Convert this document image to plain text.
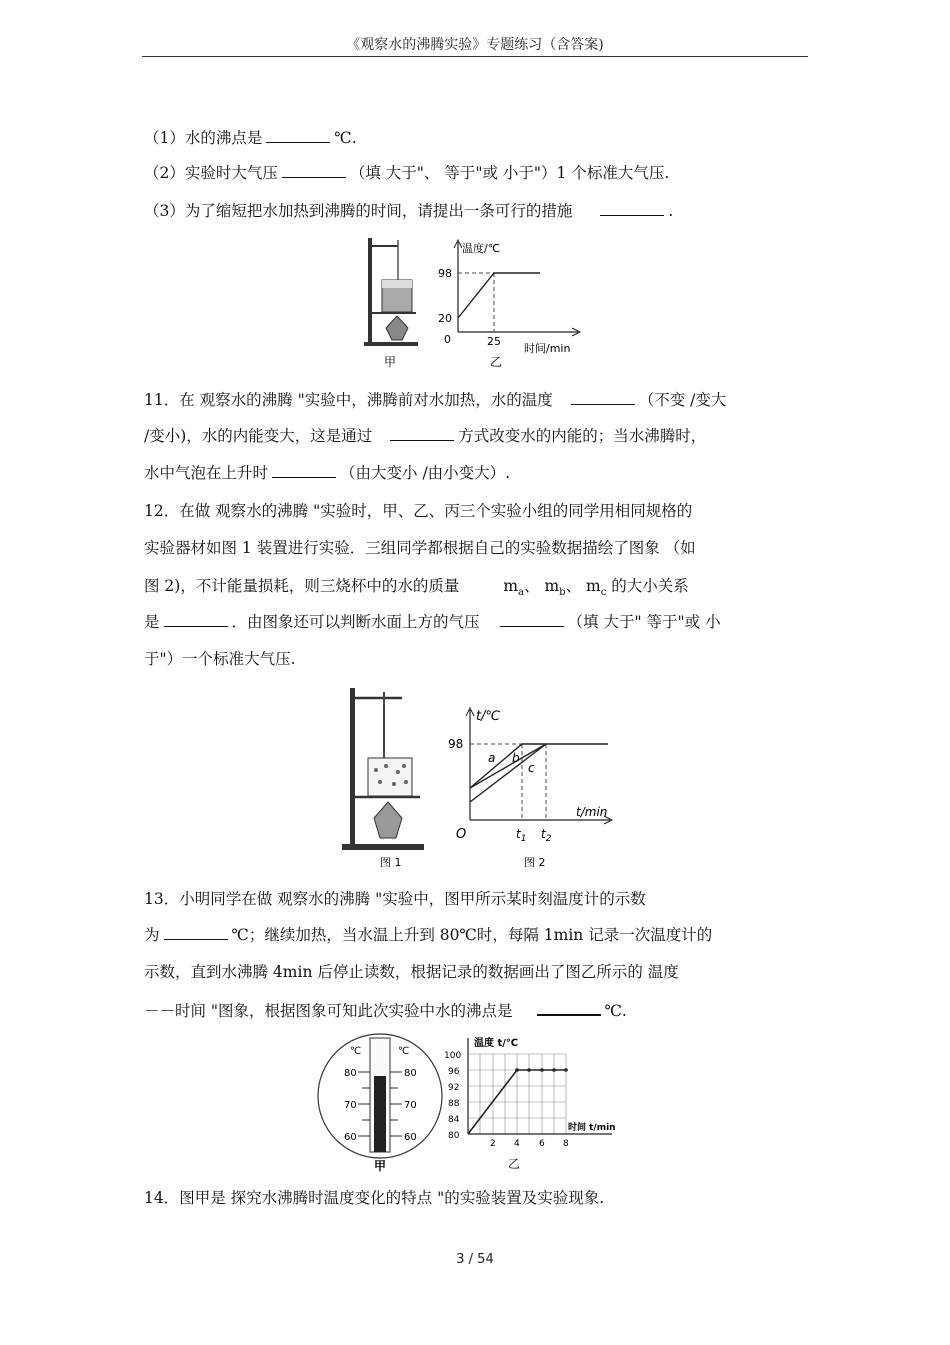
《观察水的沸腾实验》专题练习（含答案)
（1）水的沸点是	℃.
（2）实验时大气压	（填 大于"、 等于"或 小于"）1 个标准大气压.
（3）为了缩短把水加热到沸腾的时间，请提出一条可行的措施	.
甲
温度/℃
98
20
0	25
时间/min
乙
11．在 观察水的沸腾 "实验中，沸腾前对水加热，水的温度	（不变 /变大
/变小)，水的内能变大，这是通过	方式改变水的内能的；当水沸腾时，
水中气泡在上升时	（由大变小 /由小变大）.
12．在做 观察水的沸腾 "实验时，甲、乙、丙三个实验小组的同学用相同规格的
实验器材如图 1 装置进行实验．三组同学都根据自己的实验数据描绘了图象 （如
图 2)，不计能量损耗，则三烧杯中的水的质量	$m_a$、 $m_b$、 $m_c$ 的大小关系
是	．由图象还可以判断水面上方的气压	（填 大于" 等于"或 小
于"）一个标准大气压.
图 1
t/℃
98
a b
c
t/min
O	$t_1$ $t_2$
图 2
13．小明同学在做 观察水的沸腾 "实验中，图甲所示某时刻温度计的示数
为	℃；继续加热，当水温上升到 80℃时，每隔 1min 记录一次温度计的
示数，直到水沸腾 4min 后停止读数，根据记录的数据画出了图乙所示的 温度
－－时间 "图象，根据图象可知此次实验中水的沸点是	℃.
℃	℃
80	80
70	70
60	60
甲
温度 t/℃
100
96
92
88
84
80
2 4 6 8
时间 t/min
乙
14．图甲是 探究水沸腾时温度变化的特点 "的实验装置及实验现象.
3 / 54
